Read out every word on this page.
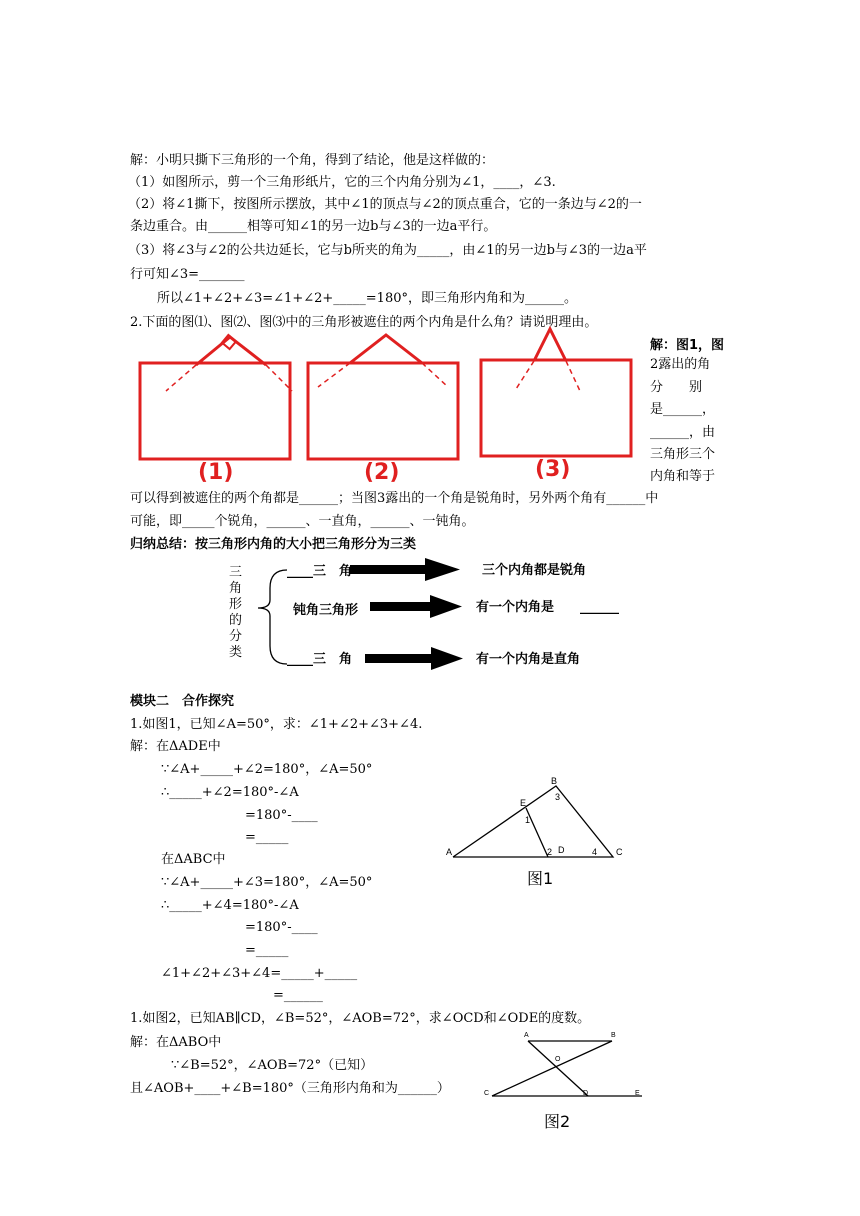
解：小明只撕下三角形的一个角，得到了结论，他是这样做的：
（1）如图所示，剪一个三角形纸片，它的三个内角分别为∠1，____，∠3.
（2）将∠1撕下，按图所示摆放，其中∠1的顶点与∠2的顶点重合，它的一条边与∠2的一
条边重合。由______相等可知∠1的另一边b与∠3的一边a平行。
（3）将∠3与∠2的公共边延长，它与b所夹的角为_____，由∠1的另一边b与∠3的一边a平
行可知∠3=_______
所以∠1+∠2+∠3=∠1+∠2+_____=180°，即三角形内角和为______。
2.下面的图⑴、图⑵、图⑶中的三角形被遮住的两个内角是什么角？请说明理由。
(1)	(2)	(3)
解：图1，图
2露出的角
分　　别
是______，
______，由
三角形三个
内角和等于
可以得到被遮住的两个角都是______；当图3露出的一个角是锐角时，另外两个角有______中
可能，即_____个锐角，______、一直角，______、一钝角。
归纳总结：按三角形内角的大小把三角形分为三类
三
角
形
的
分
类
____三　角	三个内角都是锐角
钝角三角形	有一个内角是　　______
____三　角	有一个内角是直角
模块二　合作探究
1.如图1，已知∠A=50°，求：∠1+∠2+∠3+∠4.
解：在ΔADE中
∵∠A+_____+∠2=180°，∠A=50°
∴_____+∠2=180°-∠A
=180°-____
=_____
在ΔABC中
∵∠A+_____+∠3=180°，∠A=50°
∴_____+∠4=180°-∠A
=180°-____
=_____
∠1+∠2+∠3+∠4=_____+_____
=______
A
B
C
D
E
1
2
3
4
图1
1.如图2，已知AB∥CD，∠B=52°，∠AOB=72°，求∠OCD和∠ODE的度数。
解：在ΔABO中
∵∠B=52°，∠AOB=72°（已知）
且∠AOB+____+∠B=180°（三角形内角和为______）
A	B
O
C	D	E
图2
